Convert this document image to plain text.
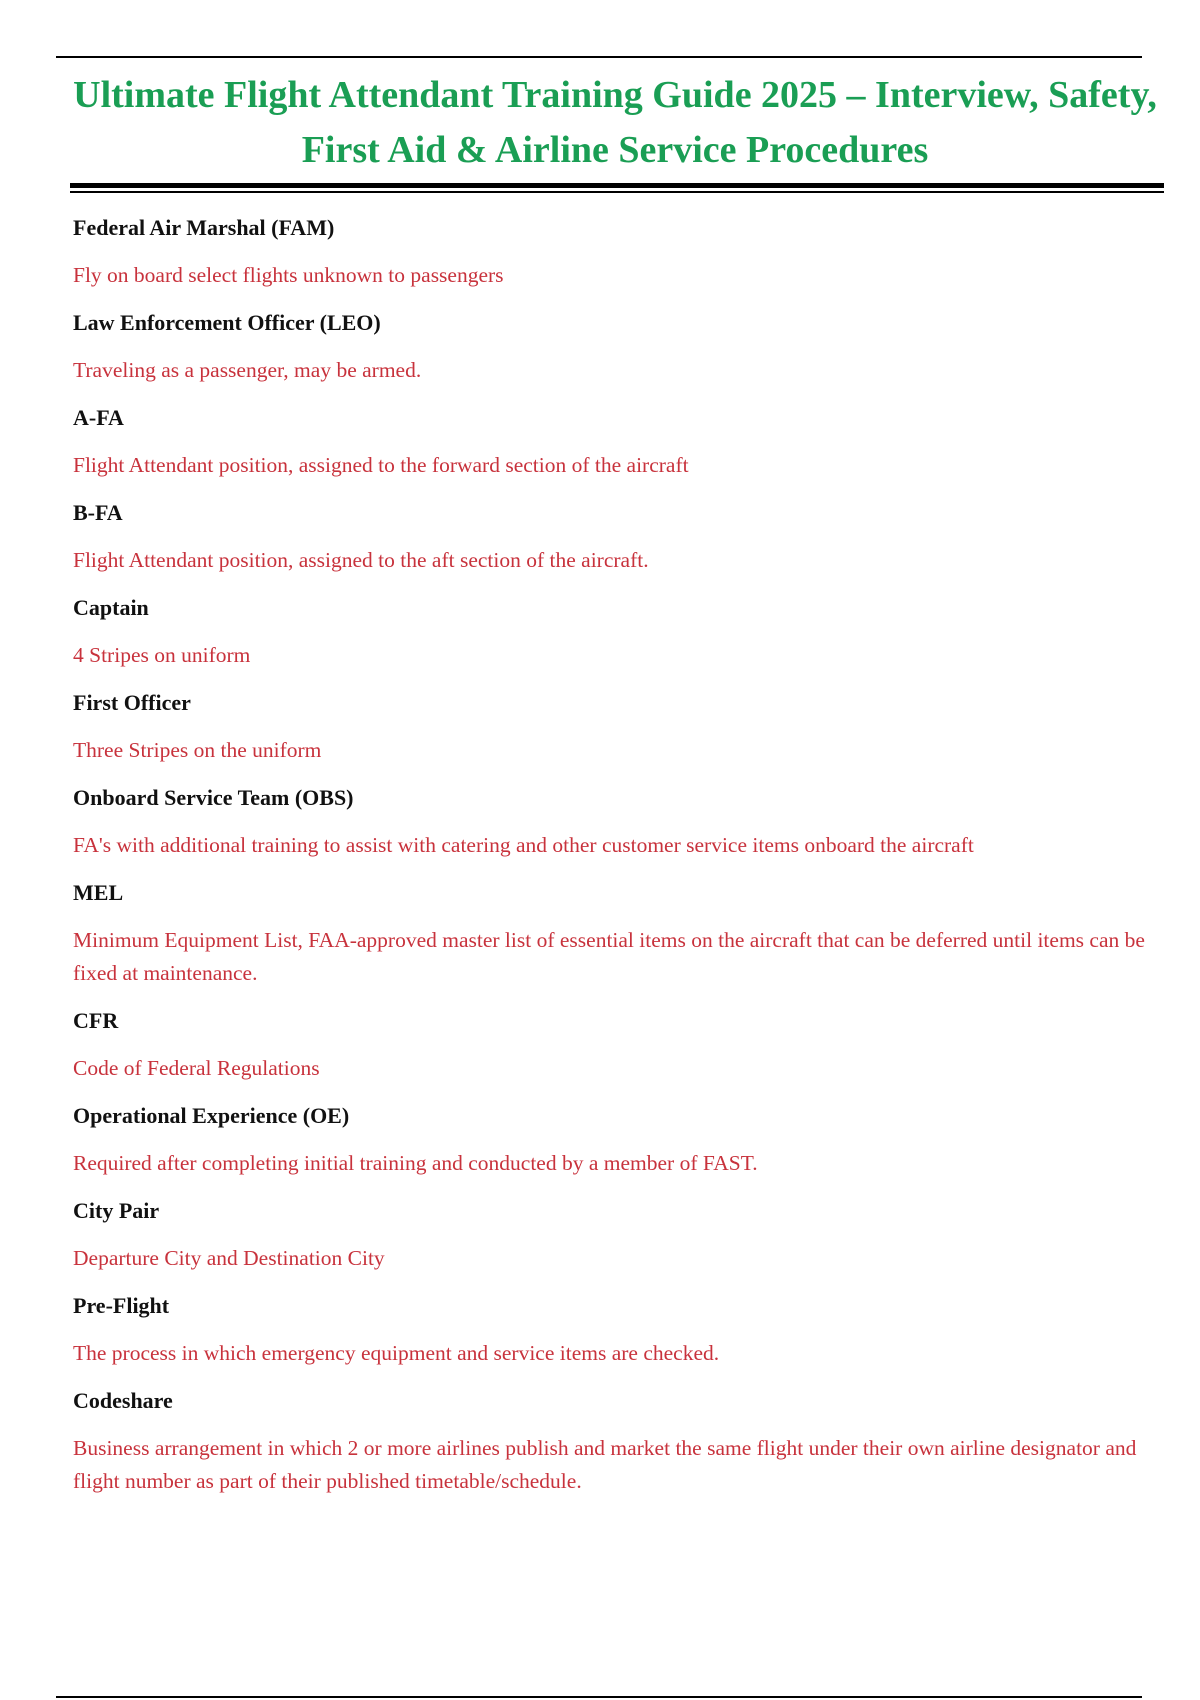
Ultimate Flight Attendant Training Guide 2025 – Interview, Safety, First Aid & Airline Service Procedures

Federal Air Marshal (FAM)

Fly on board select flights unknown to passengers

Law Enforcement Officer (LEO)

Traveling as a passenger, may be armed.

A-FA

Flight Attendant position, assigned to the forward section of the aircraft

B-FA

Flight Attendant position, assigned to the aft section of the aircraft.

Captain

4 Stripes on uniform

First Officer

Three Stripes on the uniform

Onboard Service Team (OBS)

FA's with additional training to assist with catering and other customer service items onboard the aircraft

MEL

Minimum Equipment List, FAA-approved master list of essential items on the aircraft that can be deferred until items can be fixed at maintenance.

CFR

Code of Federal Regulations

Operational Experience (OE)

Required after completing initial training and conducted by a member of FAST.

City Pair

Departure City and Destination City

Pre-Flight

The process in which emergency equipment and service items are checked.

Codeshare

Business arrangement in which 2 or more airlines publish and market the same flight under their own airline designator and flight number as part of their published timetable/schedule.
